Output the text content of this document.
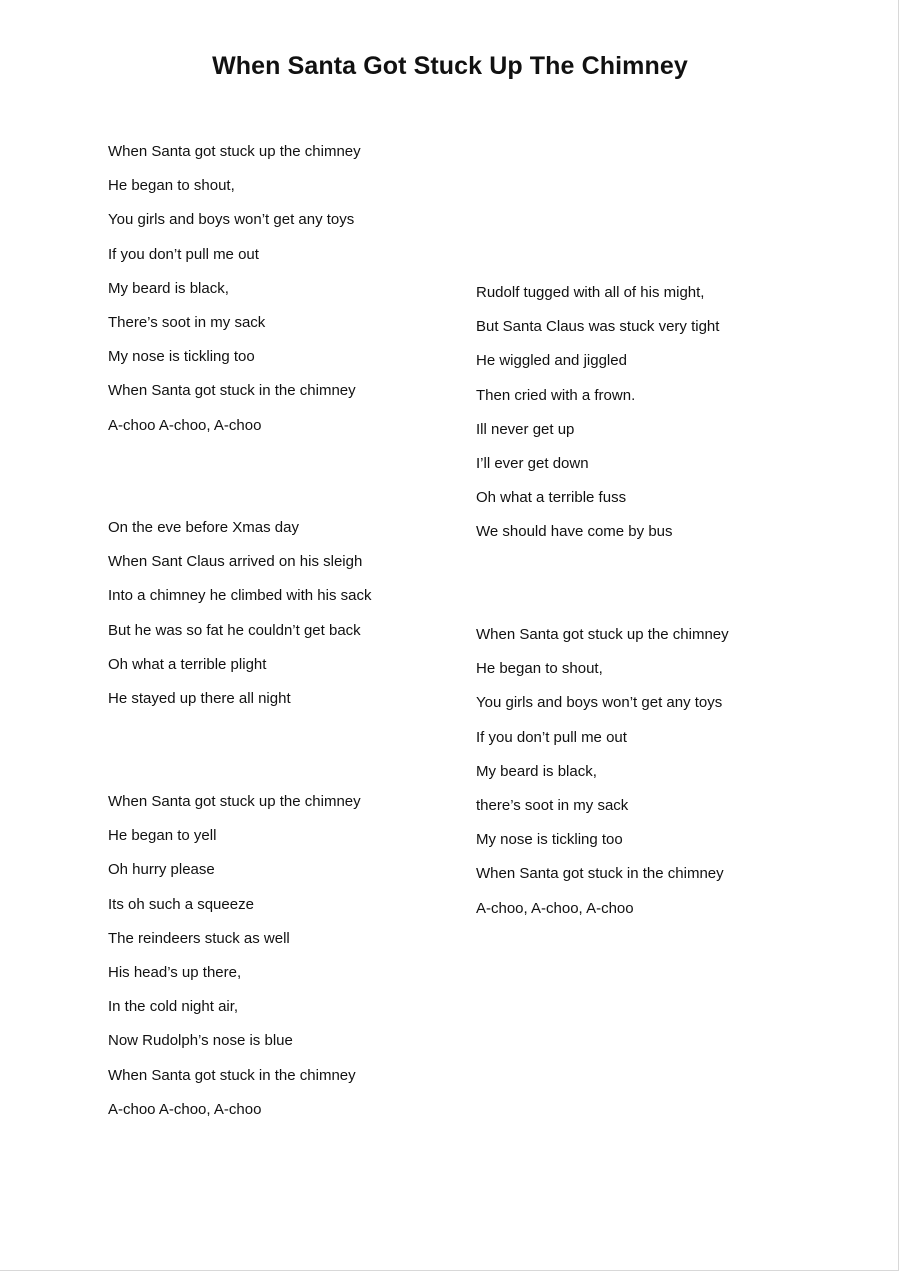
When Santa Got Stuck Up The Chimney
When Santa got stuck up the chimney
He began to shout,
You girls and boys won’t get any toys
If you don’t pull me out
My beard is black,
There’s soot in my sack
My nose is tickling too
When Santa got stuck in the chimney
A-choo A-choo, A-choo
On the eve before Xmas day
When Sant Claus arrived on his sleigh
Into a chimney he climbed with his sack
But he was so fat he couldn’t get back
Oh what a terrible plight
He stayed up there all night
When Santa got stuck up the chimney
He began to yell
Oh hurry please
Its oh such a squeeze
The reindeers stuck as well
His head’s up there,
In the cold night air,
Now Rudolph’s nose is blue
When Santa got stuck in the chimney
A-choo A-choo, A-choo
Rudolf tugged with all of his might,
But Santa Claus was stuck very tight
He wiggled and jiggled
Then cried with a frown.
Ill never get up
I’ll ever get down
Oh what a terrible fuss
We should have come by bus
When Santa got stuck up the chimney
He began to shout,
You girls and boys won’t get any toys
If you don’t pull me out
My beard is black,
there’s soot in my sack
My nose is tickling too
When Santa got stuck in the chimney
A-choo, A-choo, A-choo
